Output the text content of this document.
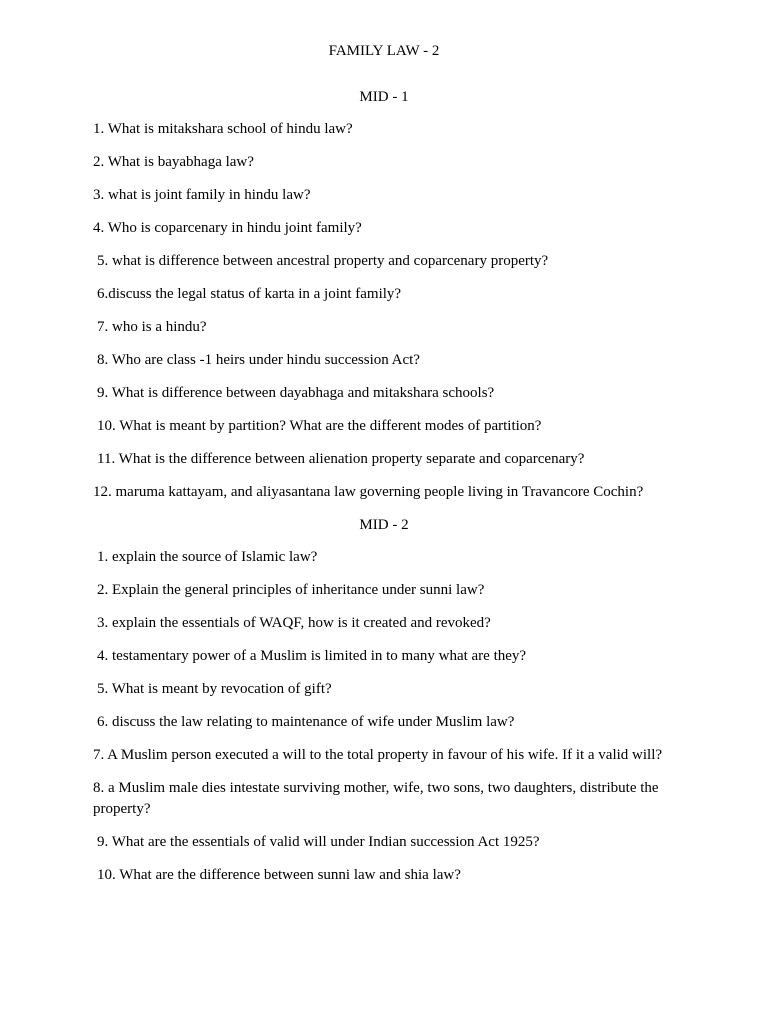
FAMILY LAW - 2
MID - 1

1. What is mitakshara school of hindu law?

2. What is bayabhaga law?

3. what is joint family in hindu law?

4. Who is coparcenary in hindu joint family?

5. what is difference between ancestral property and coparcenary property?

6.discuss the legal status of karta in a joint family?

7. who is a hindu?

8. Who are class -1 heirs under hindu succession Act?

9. What is difference between dayabhaga and mitakshara schools?

10. What is meant by partition? What are the different modes of partition?

11. What is the difference between alienation property separate and coparcenary?

12. maruma kattayam, and aliyasantana law governing people living in Travancore Cochin?

MID - 2

1. explain the source of Islamic law?

2. Explain the general principles of inheritance under sunni law?

3. explain the essentials of WAQF, how is it created and revoked?

4. testamentary power of a Muslim is limited in to many what are they?

5. What is meant by revocation of gift?

6. discuss the law relating to maintenance of wife under Muslim law?

7. A Muslim person executed a will to the total property in favour of his wife. If it a valid will?

8. a Muslim male dies intestate surviving mother, wife, two sons, two daughters, distribute the property?

9. What are the essentials of valid will under Indian succession Act 1925?

10. What are the difference between sunni law and shia law?
